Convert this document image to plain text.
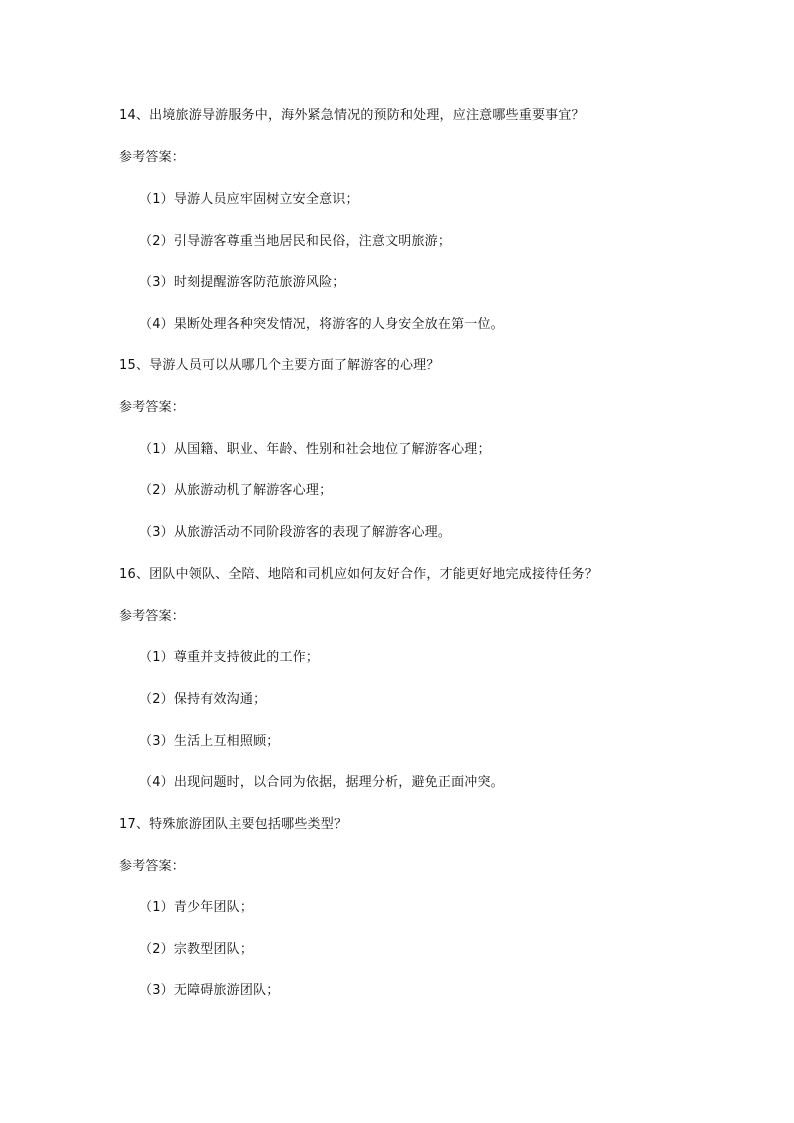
14、出境旅游导游服务中，海外紧急情况的预防和处理，应注意哪些重要事宜？
参考答案：
（1）导游人员应牢固树立安全意识；
（2）引导游客尊重当地居民和民俗，注意文明旅游；
（3）时刻提醒游客防范旅游风险；
（4）果断处理各种突发情况，将游客的人身安全放在第一位。
15、导游人员可以从哪几个主要方面了解游客的心理？
参考答案：
（1）从国籍、职业、年龄、性别和社会地位了解游客心理；
（2）从旅游动机了解游客心理；
（3）从旅游活动不同阶段游客的表现了解游客心理。
16、团队中领队、全陪、地陪和司机应如何友好合作，才能更好地完成接待任务？
参考答案：
（1）尊重并支持彼此的工作；
（2）保持有效沟通；
（3）生活上互相照顾；
（4）出现问题时，以合同为依据，据理分析，避免正面冲突。
17、特殊旅游团队主要包括哪些类型？
参考答案：
（1）青少年团队；
（2）宗教型团队；
（3）无障碍旅游团队；
